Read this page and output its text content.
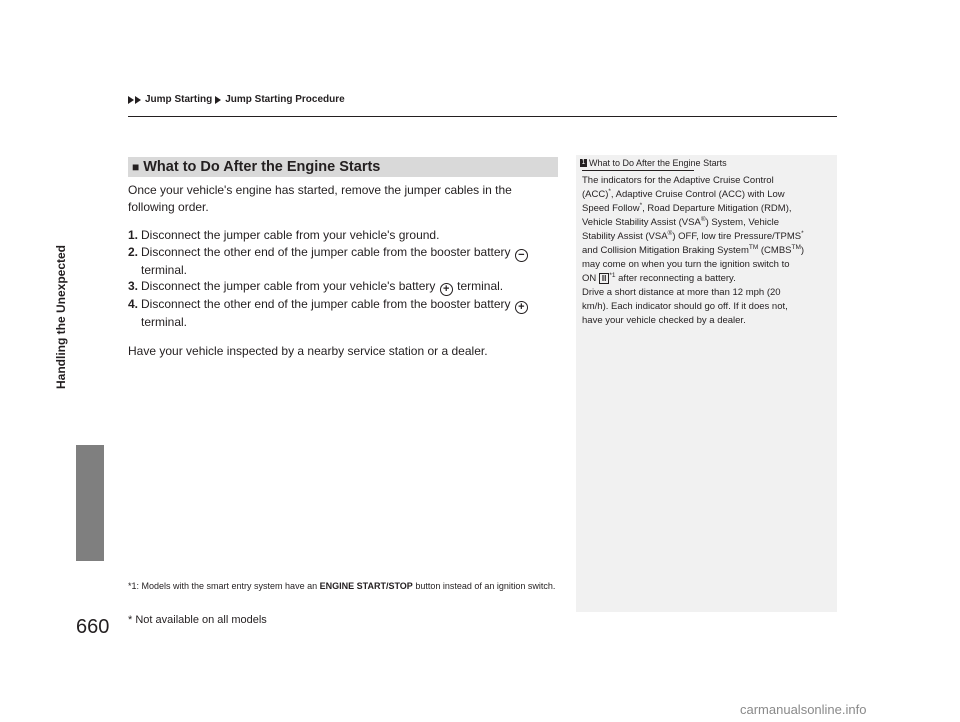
Jump Starting Jump Starting Procedure
Handling the Unexpected
660
■ What to Do After the Engine Starts

Once your vehicle's engine has started, remove the jumper cables in the following order.

1. Disconnect the jumper cable from your vehicle's ground.
2. Disconnect the other end of the jumper cable from the booster battery −
terminal.
3. Disconnect the jumper cable from your vehicle's battery + terminal.
4. Disconnect the other end of the jumper cable from the booster battery +
terminal.

Have your vehicle inspected by a nearby service station or a dealer.

*1: Models with the smart entry system have an ENGINE START/STOP button instead of an ignition switch.
1 What to Do After the Engine Starts
The indicators for the Adaptive Cruise Control
(ACC)*, Adaptive Cruise Control (ACC) with Low
Speed Follow*, Road Departure Mitigation (RDM),
Vehicle Stability Assist (VSA®) System, Vehicle
Stability Assist (VSA®) OFF, low tire Pressure/TPMS*
and Collision Mitigation Braking System™ (CMBS™)
may come on when you turn the ignition switch to
ON II $^{*1}$ after reconnecting a battery.
Drive a short distance at more than 12 mph (20
km/h). Each indicator should go off. If it does not,
have your vehicle checked by a dealer.
* Not available on all models
carmanualsonline.info
